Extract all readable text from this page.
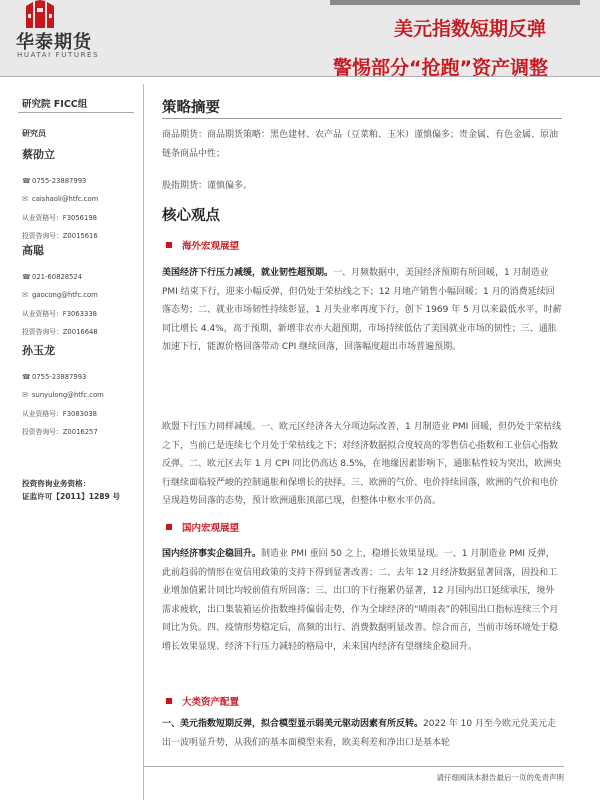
华泰期货
HUATAI FUTURES
美元指数短期反弹
警惕部分“抢跑”资产调整
研究院 FICC组
研究员
蔡劭立
☎ 0755-23887993
✉ caishaoli@htfc.com
从业资格号：F3056198
投资咨询号：Z0015616
高聪
☎ 021-60828524
✉ gaocong@htfc.com
从业资格号：F3063338
投资咨询号：Z0016648
孙玉龙
☎ 0755-23887993
✉ sunyulong@htfc.com
从业资格号：F3083038
投资咨询号：Z0016257
投资咨询业务资格：
证监许可【2011】1289 号
策略摘要

商品期货：商品期货策略：黑色建材、农产品（豆菜粕、玉米）谨慎偏多；贵金属、有色金属、原油链条商品中性；

股指期货：谨慎偏多。

核心观点
海外宏观展望

美国经济下行压力减缓，就业韧性超预期。一、月频数据中，美国经济预期有所回暖，1 月制造业 PMI 结束下行，迎来小幅反弹，但仍处于荣枯线之下；12 月地产销售小幅回暖；1 月的消费延续回落态势；二、就业市场韧性持续彰显，1 月失业率再度下行，创下 1969 年 5 月以来最低水平，时薪同比增长 4.4%，高于预期，新增非农亦大超预期，市场持续低估了美国就业市场的韧性；三、通胀加速下行，能源价格回落带动 CPI 继续回落，回落幅度超出市场普遍预期。

欧盟下行压力同样减缓。一、欧元区经济各大分项边际改善，1 月制造业 PMI 回暖，但仍处于荣枯线之下，当前已是连续七个月处于荣枯线之下；对经济数据拟合度较高的零售信心指数和工业信心指数反弹。二、欧元区去年 1 月 CPI 同比仍高达 8.5%，在地缘因素影响下，通胀粘性较为突出，欧洲央行继续面临较严峻的控制通胀和保增长的抉择。三、欧洲的气价、电价持续回落，欧洲的气价和电价呈现趋势回落的态势，预计欧洲通胀顶部已现，但整体中枢水平仍高。

国内宏观展望

国内经济事实企稳回升。制造业 PMI 重回 50 之上，稳增长效果显现。一、1 月制造业 PMI 反弹，此前趋弱的情形在宽信用政策的支持下得到显著改善；二、去年 12 月经济数据显著回落，固投和工业增加值累计同比均较前值有所回落；三、出口的下行拖累仍显著，12 月国内出口延续承压，境外需求疲软，出口集装箱运价指数维持偏弱走势，作为全球经济的“晴雨表”的韩国出口指标连续三个月同比为负。四、疫情形势稳定后，高频的出行、消费数据明显改善。综合而言，当前市场环境处于稳增长效果显现、经济下行压力减轻的格局中，未来国内经济有望继续企稳回升。

大类资产配置

一、美元指数短期反弹，拟合模型显示弱美元驱动因素有所反转。2022 年 10 月至今欧元兑美元走出一波明显升势，从我们的基本面模型来看，欧美利差和净出口是基本轮

请仔细阅读本报告最后一页的免责声明
